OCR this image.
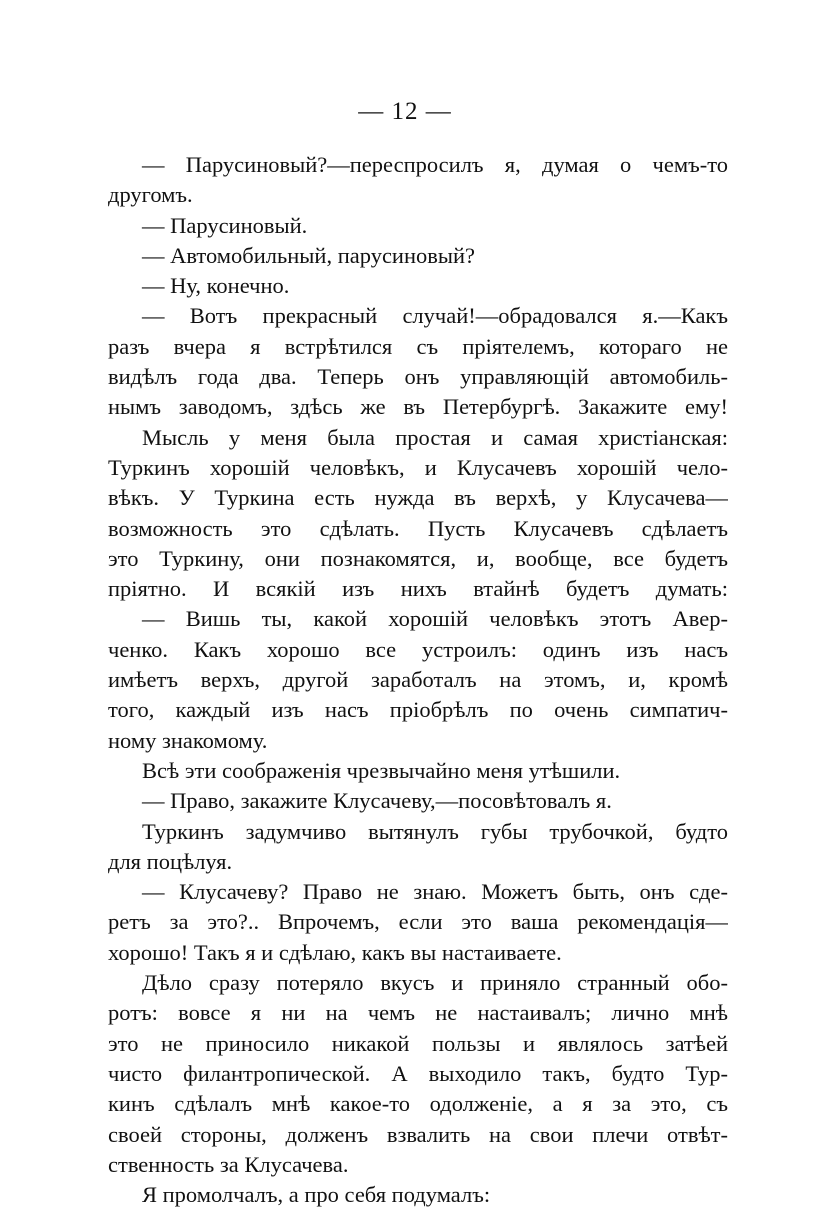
— 12 —
— Парусиновый?—переспросилъ я, думая о чемъ-то
другомъ.
— Парусиновый.
— Автомобильный, парусиновый?
— Ну, конечно.
— Вотъ прекрасный случай!—обрадовался я.—Какъ
разъ вчера я встрѣтился съ пріятелемъ, котораго не
видѣлъ года два. Теперь онъ управляющій автомобиль-
нымъ заводомъ, здѣсь же въ Петербургѣ. Закажите ему!
Мысль у меня была простая и самая христіанская:
Туркинъ хорошій человѣкъ, и Клусачевъ хорошій чело-
вѣкъ. У Туркина есть нужда въ верхѣ, у Клусачева—
возможность это сдѣлать. Пусть Клусачевъ сдѣлаетъ
это Туркину, они познакомятся, и, вообще, все будетъ
пріятно. И всякій изъ нихъ втайнѣ будетъ думать:
— Вишь ты, какой хорошій человѣкъ этотъ Авер-
ченко. Какъ хорошо все устроилъ: одинъ изъ насъ
имѣетъ верхъ, другой заработалъ на этомъ, и, кромѣ
того, каждый изъ насъ пріобрѣлъ по очень симпатич-
ному знакомому.
Всѣ эти соображенія чрезвычайно меня утѣшили.
— Право, закажите Клусачеву,—посовѣтовалъ я.
Туркинъ задумчиво вытянулъ губы трубочкой, будто
для поцѣлуя.
— Клусачеву? Право не знаю. Можетъ быть, онъ сде-
ретъ за это?.. Впрочемъ, если это ваша рекомендація—
хорошо! Такъ я и сдѣлаю, какъ вы настаиваете.
Дѣло сразу потеряло вкусъ и приняло странный обо-
ротъ: вовсе я ни на чемъ не настаивалъ; лично мнѣ
это не приносило никакой пользы и являлось затѣей
чисто филантропической. А выходило такъ, будто Тур-
кинъ сдѣлалъ мнѣ какое-то одолженіе, а я за это, съ
своей стороны, долженъ взвалить на свои плечи отвѣт-
ственность за Клусачева.
Я промолчалъ, а про себя подумалъ:
